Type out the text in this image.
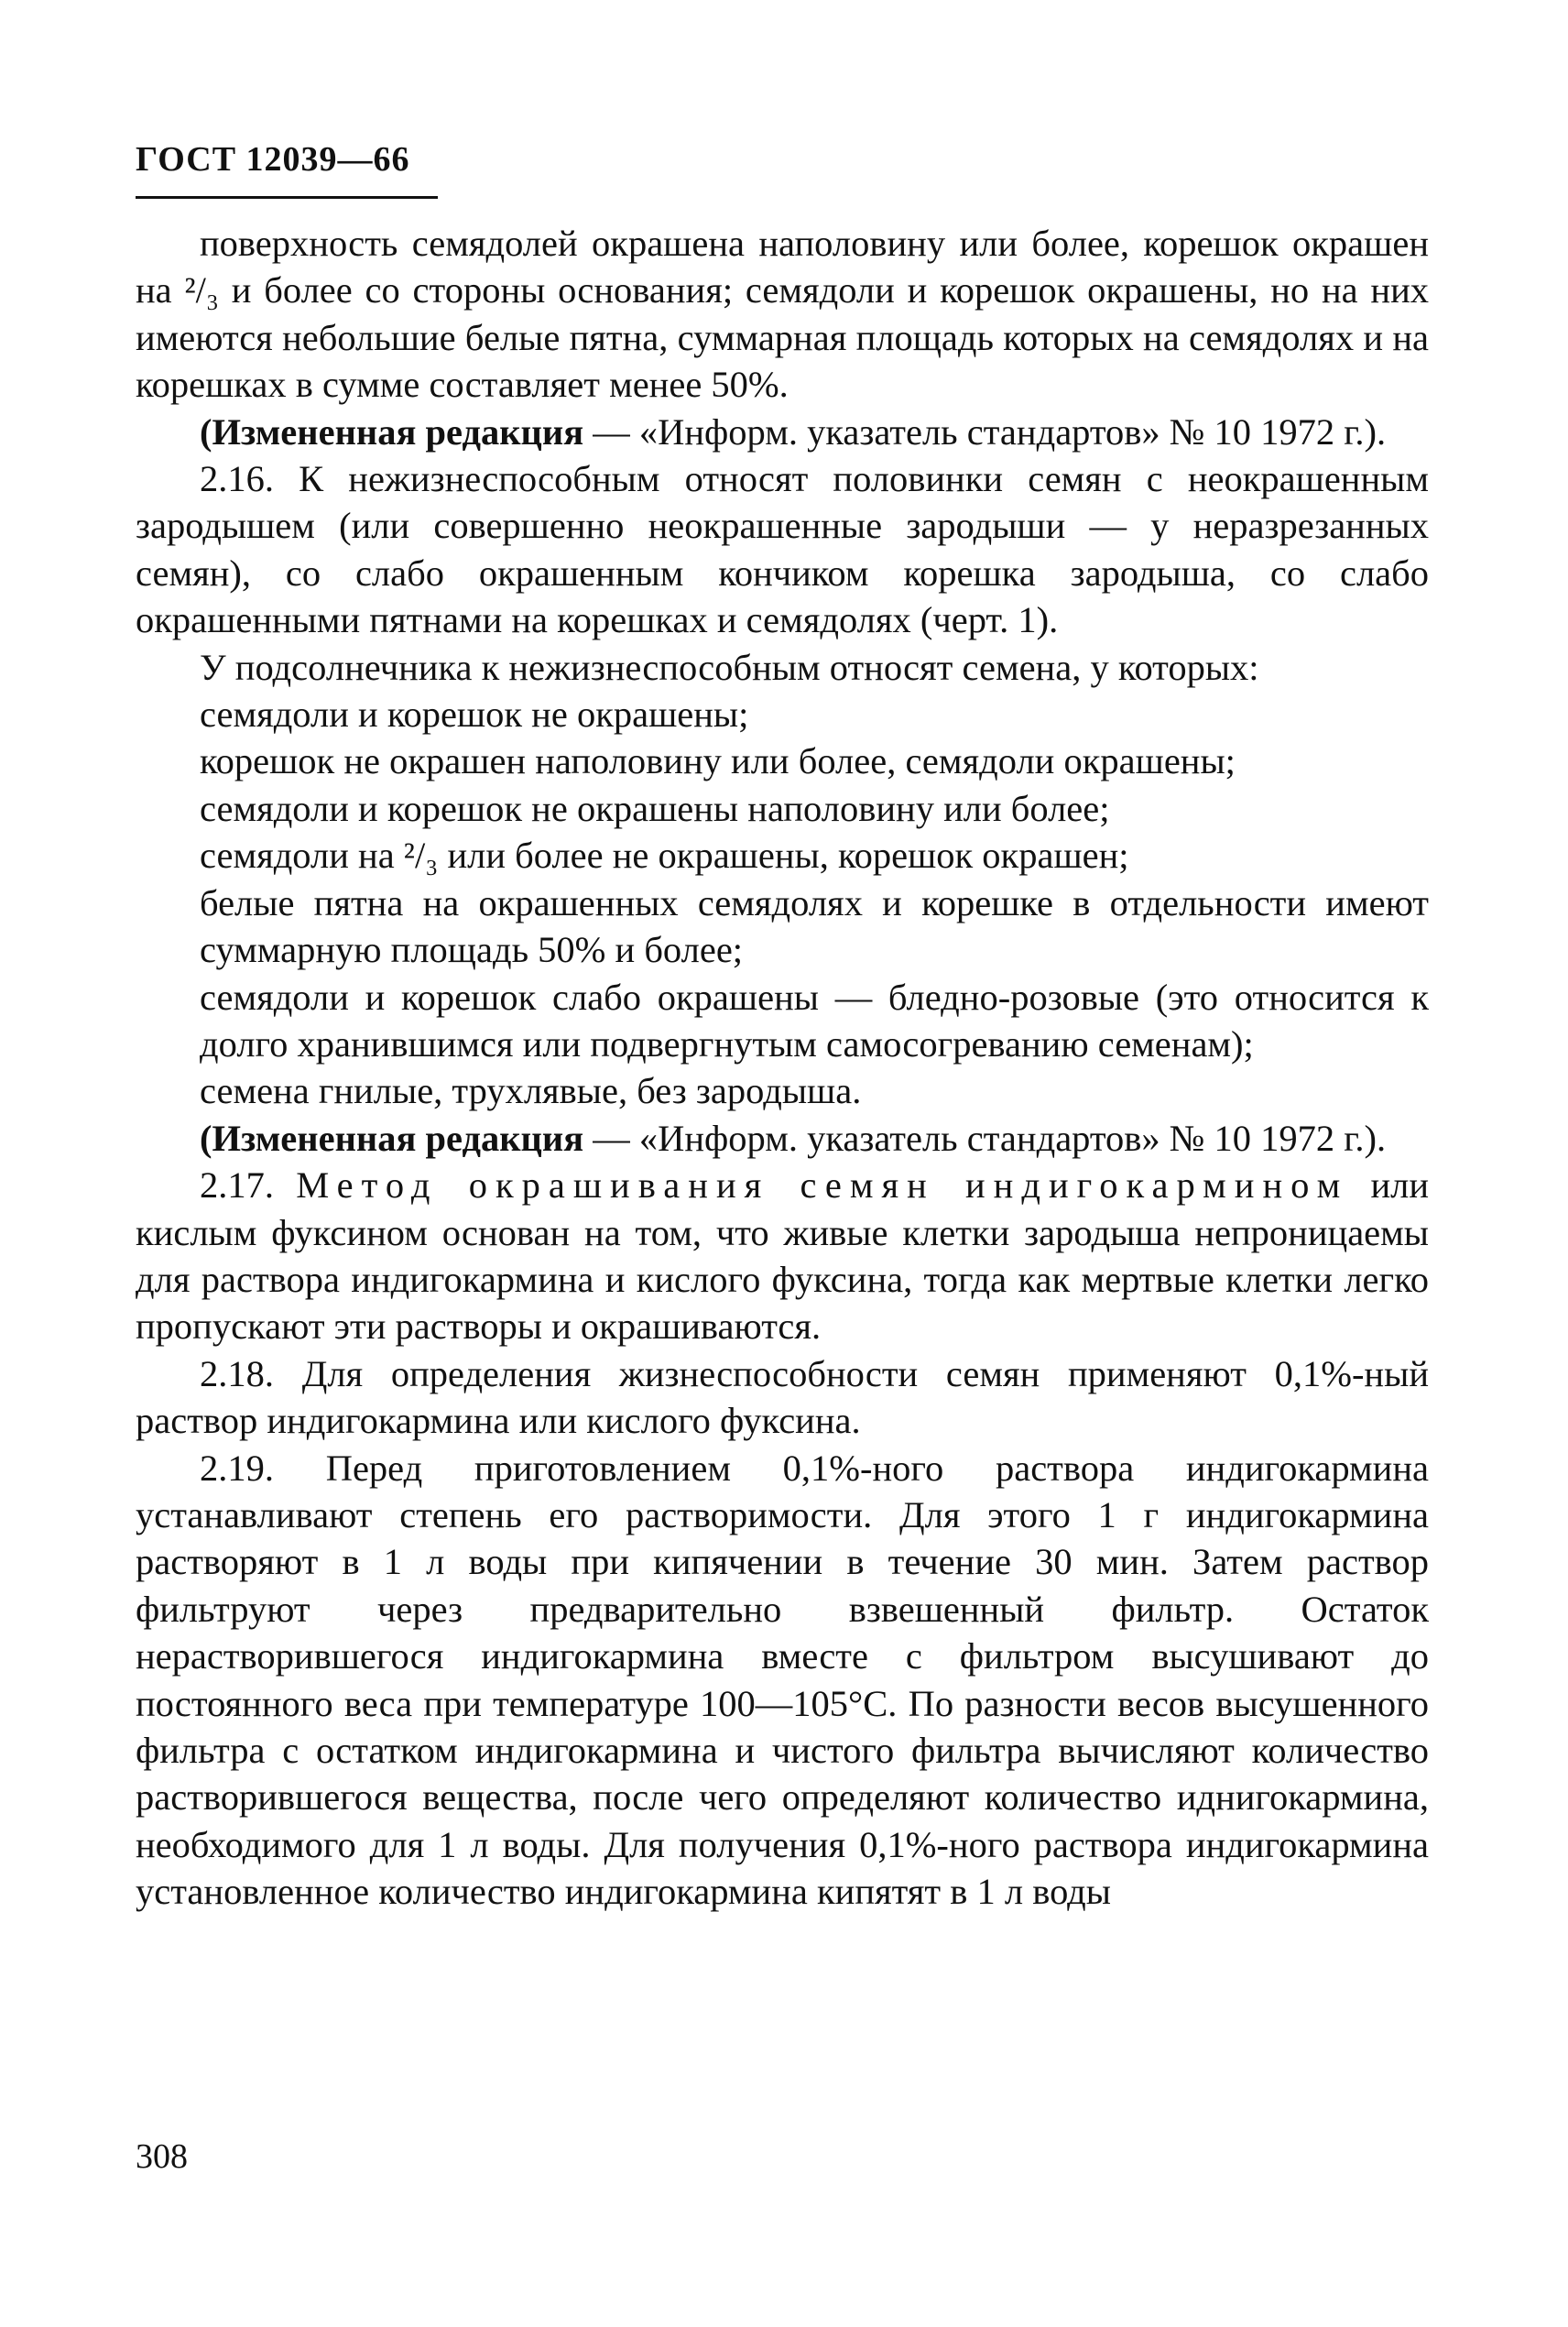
ГОСТ 12039—66

поверхность семядолей окрашена наполовину или более, корешок окрашен на ²/₃ и более со стороны основания; семядоли и корешок окрашены, но на них имеются небольшие белые пятна, суммарная площадь которых на семядолях и на корешках в сумме составляет менее 50%.

(Измененная редакция — «Информ. указатель стандартов» № 10 1972 г.).

2.16. К нежизнеспособным относят половинки семян с неокрашенным зародышем (или совершенно неокрашенные зародыши — у неразрезанных семян), со слабо окрашенным кончиком корешка зародыша, со слабо окрашенными пятнами на корешках и семядолях (черт. 1).

У подсолнечника к нежизнеспособным относят семена, у которых:

семядоли и корешок не окрашены;

корешок не окрашен наполовину или более, семядоли окрашены;

семядоли и корешок не окрашены наполовину или более;

семядоли на ²/₃ или более не окрашены, корешок окрашен;

белые пятна на окрашенных семядолях и корешке в отдельности имеют суммарную площадь 50% и более;

семядоли и корешок слабо окрашены — бледно-розовые (это относится к долго хранившимся или подвергнутым самосогреванию семенам);

семена гнилые, трухлявые, без зародыша.

(Измененная редакция — «Информ. указатель стандартов» № 10 1972 г.).

2.17. Метод окрашивания семян индигокармином или кислым фуксином основан на том, что живые клетки зародыша непроницаемы для раствора индигокармина и кислого фуксина, тогда как мертвые клетки легко пропускают эти растворы и окрашиваются.

2.18. Для определения жизнеспособности семян применяют 0,1%-ный раствор индигокармина или кислого фуксина.

2.19. Перед приготовлением 0,1%-ного раствора индигокармина устанавливают степень его растворимости. Для этого 1 г индигокармина растворяют в 1 л воды при кипячении в течение 30 мин. Затем раствор фильтруют через предварительно взвешенный фильтр. Остаток нерастворившегося индигокармина вместе с фильтром высушивают до постоянного веса при температуре 100—105°С. По разности весов высушенного фильтра с остатком индигокармина и чистого фильтра вычисляют количество растворившегося вещества, после чего определяют количество иднигокармина, необходимого для 1 л воды. Для получения 0,1%-ного раствора индигокармина установленное количество индигокармина кипятят в 1 л воды

308
